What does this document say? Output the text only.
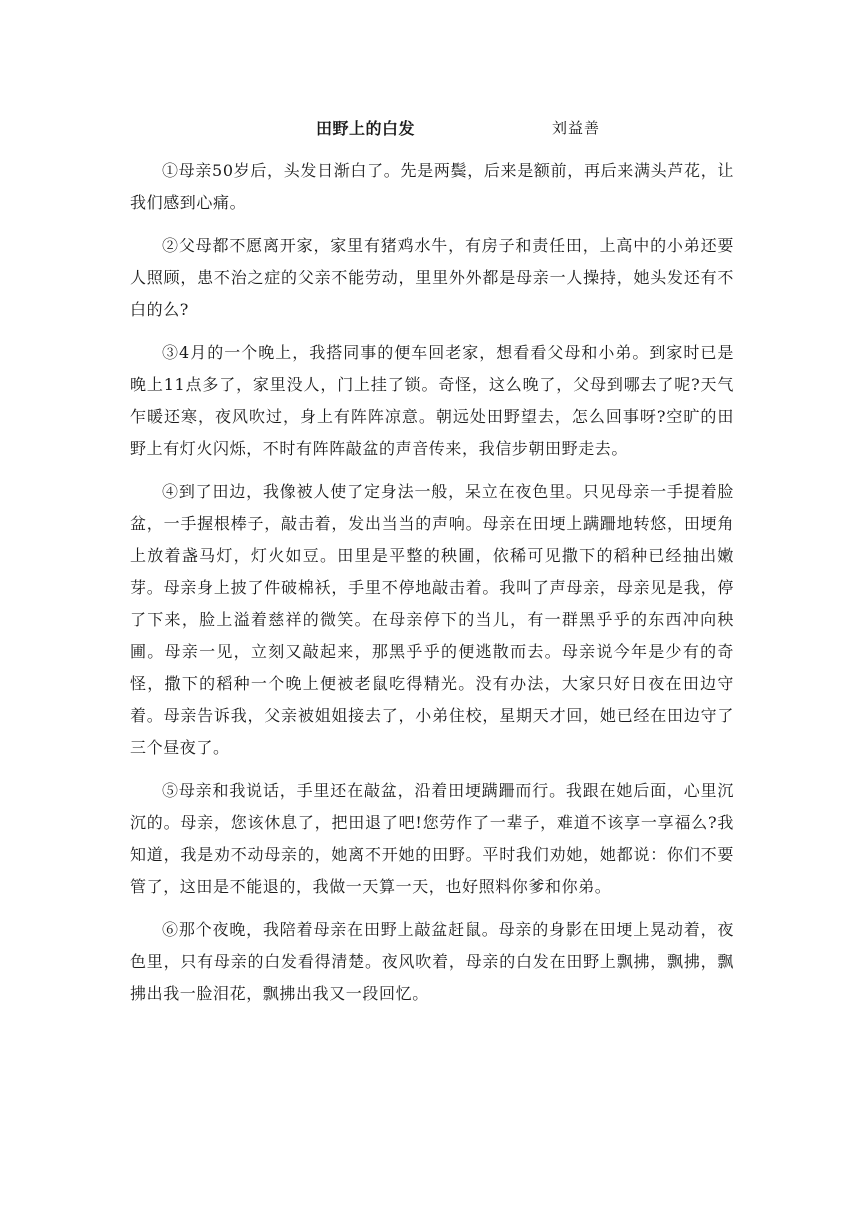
田野上的白发	刘益善

①母亲50岁后，头发日渐白了。先是两鬓，后来是额前，再后来满头芦花，让我们感到心痛。

②父母都不愿离开家，家里有猪鸡水牛，有房子和责任田，上高中的小弟还要人照顾，患不治之症的父亲不能劳动，里里外外都是母亲一人操持，她头发还有不白的么?

③4月的一个晚上，我搭同事的便车回老家，想看看父母和小弟。到家时已是晚上11点多了，家里没人，门上挂了锁。奇怪，这么晚了，父母到哪去了呢?天气乍暖还寒，夜风吹过，身上有阵阵凉意。朝远处田野望去，怎么回事呀?空旷的田野上有灯火闪烁，不时有阵阵敲盆的声音传来，我信步朝田野走去。

④到了田边，我像被人使了定身法一般，呆立在夜色里。只见母亲一手提着脸盆，一手握根棒子，敲击着，发出当当的声响。母亲在田埂上蹒跚地转悠，田埂角上放着盏马灯，灯火如豆。田里是平整的秧圃，依稀可见撒下的稻种已经抽出嫩芽。母亲身上披了件破棉袄，手里不停地敲击着。我叫了声母亲，母亲见是我，停了下来，脸上溢着慈祥的微笑。在母亲停下的当儿，有一群黑乎乎的东西冲向秧圃。母亲一见，立刻又敲起来，那黑乎乎的便逃散而去。母亲说今年是少有的奇怪，撒下的稻种一个晚上便被老鼠吃得精光。没有办法，大家只好日夜在田边守着。母亲告诉我，父亲被姐姐接去了，小弟住校，星期天才回，她已经在田边守了三个昼夜了。

⑤母亲和我说话，手里还在敲盆，沿着田埂蹒跚而行。我跟在她后面，心里沉沉的。母亲，您该休息了，把田退了吧!您劳作了一辈子，难道不该享一享福么?我知道，我是劝不动母亲的，她离不开她的田野。平时我们劝她，她都说：你们不要管了，这田是不能退的，我做一天算一天，也好照料你爹和你弟。

⑥那个夜晚，我陪着母亲在田野上敲盆赶鼠。母亲的身影在田埂上晃动着，夜色里，只有母亲的白发看得清楚。夜风吹着，母亲的白发在田野上飘拂，飘拂，飘拂出我一脸泪花，飘拂出我又一段回忆。
